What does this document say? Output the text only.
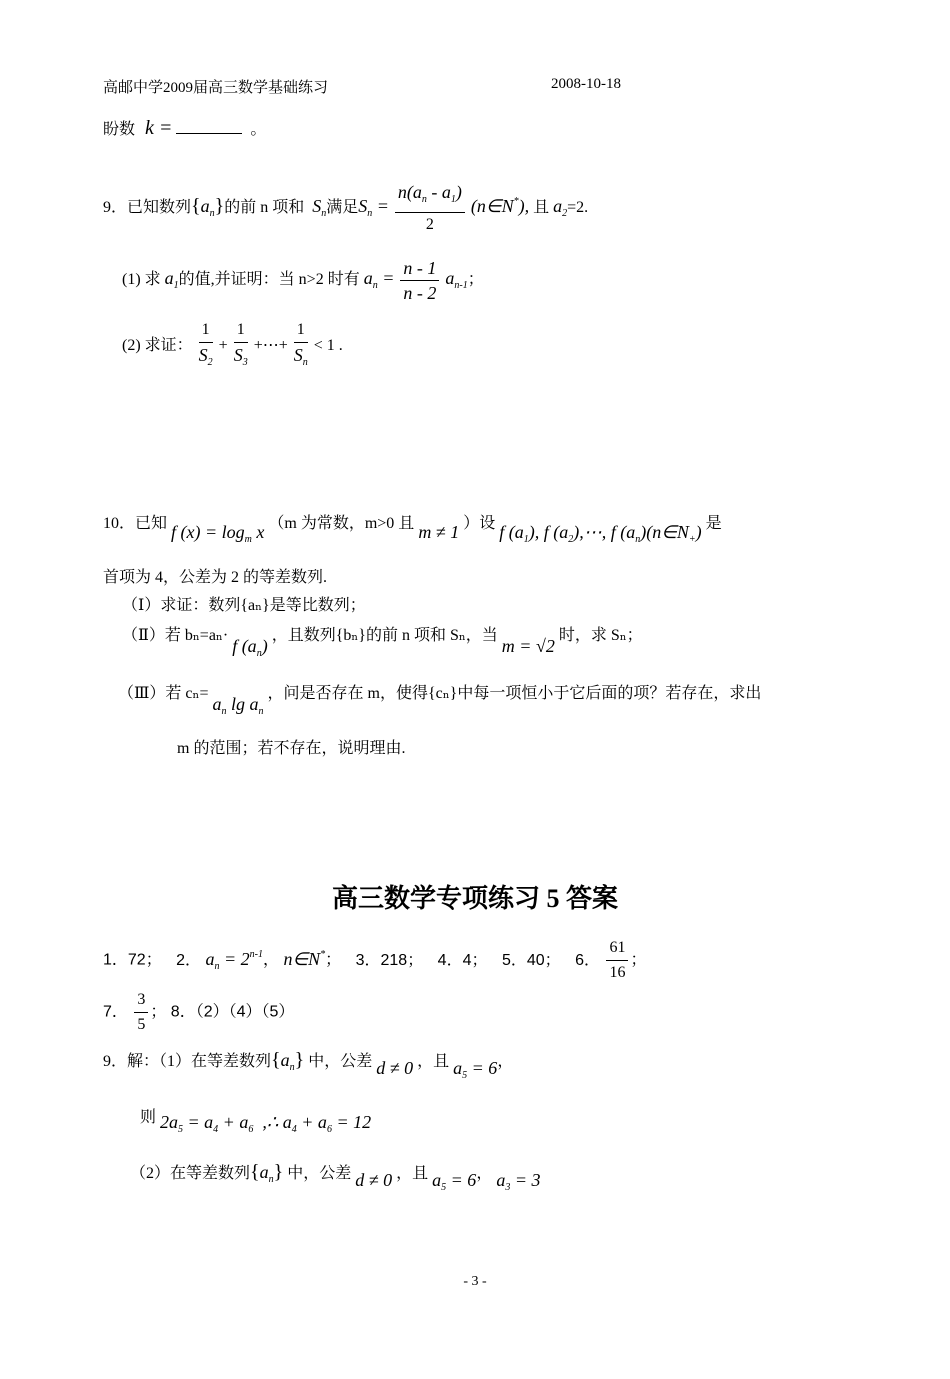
高邮中学2009届高三数学基础练习	2008-10-18
盼数 k =	。
9．已知数列$\{a_n\}$的前 n 项和 $S_n$满足$S_n = \frac{n(a_n - a_1)}{2}$ (n∈N*), 且 $a_2=2$.
(1) 求 $a_1$的值,并证明：当 n>2 时有 $a_n = \frac{n - 1}{n - 2} a_{n-1}$；
(2) 求证： $\frac{1}{S_2} + \frac{1}{S_3}$ +⋯+ $\frac{1}{S_n} < 1$ .
10．已知 f $(x) = \log_m x$ （m 为常数，m>0 且 m ≠ 1 ）设 f $(a_1)$, f $(a_2),\cdots$, f $(a_n)(n\in N_+)$ 是
首项为 4，公差为 2 的等差数列.
（Ⅰ）求证：数列{aₙ}是等比数列；
（Ⅱ）若 bₙ=aₙ· f $(a_n)$ ，且数列{bₙ}的前 n 项和 Sₙ，当 m = √2 时，求 Sₙ；
（Ⅲ）若 $c_n= a_n$ $\lg a_n$ ，问是否存在 m，使得{cₙ}中每一项恒小于它后面的项？若存在，求出
m 的范围；若不存在，说明理由.
高三数学专项练习 5 答案
1．72； 2． $a_n = 2^{n-1}$， n∈N*； 3．218； 4．4； 5．40； 6． $\frac{61}{16}$ ；
7． $\frac{3}{5}$ ； 8．（2）（4）（5）
9．解：（1）在等差数列$\{a_n\}$ 中，公差 d ≠ 0 ，且 $a_5 = 6$，
则 $2a_5 = a_4 + a_6$  ,∴ $a_4 + a_6 = 12$
（2）在等差数列$\{a_n\}$ 中，公差 d ≠ 0 ，且 $a_5 = 6$， $a_3 = 3$
- 3 -
